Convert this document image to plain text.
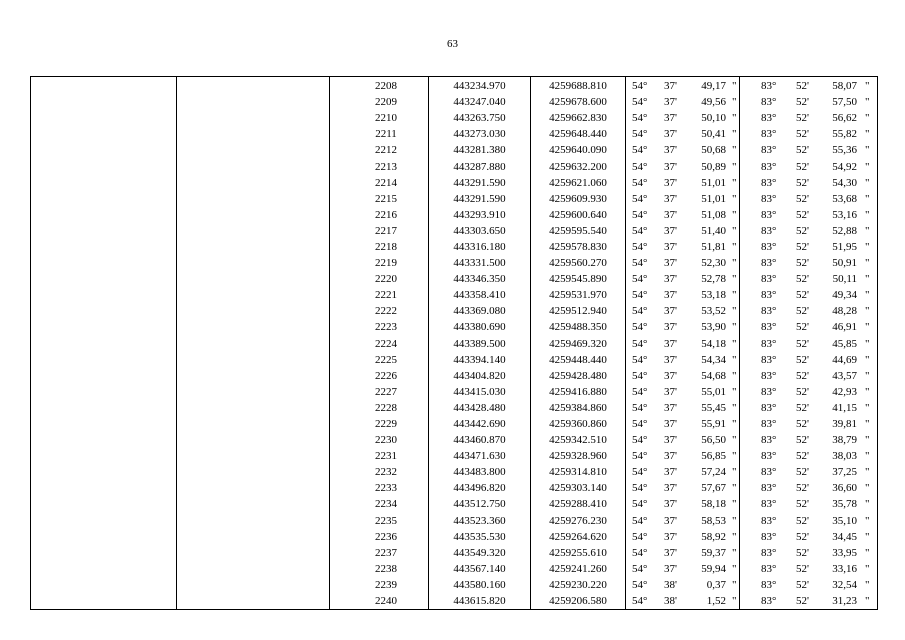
63
		2208	443234.970	4259688.810	54° 37' 49,17 "	83° 52' 58,07 "

		2209	443247.040	4259678.600	54° 37' 49,56 "	83° 52' 57,50 "

		2210	443263.750	4259662.830	54° 37' 50,10 "	83° 52' 56,62 "

		2211	443273.030	4259648.440	54° 37' 50,41 "	83° 52' 55,82 "

		2212	443281.380	4259640.090	54° 37' 50,68 "	83° 52' 55,36 "

		2213	443287.880	4259632.200	54° 37' 50,89 "	83° 52' 54,92 "

		2214	443291.590	4259621.060	54° 37' 51,01 "	83° 52' 54,30 "

		2215	443291.590	4259609.930	54° 37' 51,01 "	83° 52' 53,68 "

		2216	443293.910	4259600.640	54° 37' 51,08 "	83° 52' 53,16 "

		2217	443303.650	4259595.540	54° 37' 51,40 "	83° 52' 52,88 "

		2218	443316.180	4259578.830	54° 37' 51,81 "	83° 52' 51,95 "

		2219	443331.500	4259560.270	54° 37' 52,30 "	83° 52' 50,91 "

		2220	443346.350	4259545.890	54° 37' 52,78 "	83° 52' 50,11 "

		2221	443358.410	4259531.970	54° 37' 53,18 "	83° 52' 49,34 "

		2222	443369.080	4259512.940	54° 37' 53,52 "	83° 52' 48,28 "

		2223	443380.690	4259488.350	54° 37' 53,90 "	83° 52' 46,91 "

		2224	443389.500	4259469.320	54° 37' 54,18 "	83° 52' 45,85 "

		2225	443394.140	4259448.440	54° 37' 54,34 "	83° 52' 44,69 "

		2226	443404.820	4259428.480	54° 37' 54,68 "	83° 52' 43,57 "

		2227	443415.030	4259416.880	54° 37' 55,01 "	83° 52' 42,93 "

		2228	443428.480	4259384.860	54° 37' 55,45 "	83° 52' 41,15 "

		2229	443442.690	4259360.860	54° 37' 55,91 "	83° 52' 39,81 "

		2230	443460.870	4259342.510	54° 37' 56,50 "	83° 52' 38,79 "

		2231	443471.630	4259328.960	54° 37' 56,85 "	83° 52' 38,03 "

		2232	443483.800	4259314.810	54° 37' 57,24 "	83° 52' 37,25 "

		2233	443496.820	4259303.140	54° 37' 57,67 "	83° 52' 36,60 "

		2234	443512.750	4259288.410	54° 37' 58,18 "	83° 52' 35,78 "

		2235	443523.360	4259276.230	54° 37' 58,53 "	83° 52' 35,10 "

		2236	443535.530	4259264.620	54° 37' 58,92 "	83° 52' 34,45 "

		2237	443549.320	4259255.610	54° 37' 59,37 "	83° 52' 33,95 "

		2238	443567.140	4259241.260	54° 37' 59,94 "	83° 52' 33,16 "

		2239	443580.160	4259230.220	54° 38' 0,37 "	83° 52' 32,54 "

		2240	443615.820	4259206.580	54° 38' 1,52 "	83° 52' 31,23 "
